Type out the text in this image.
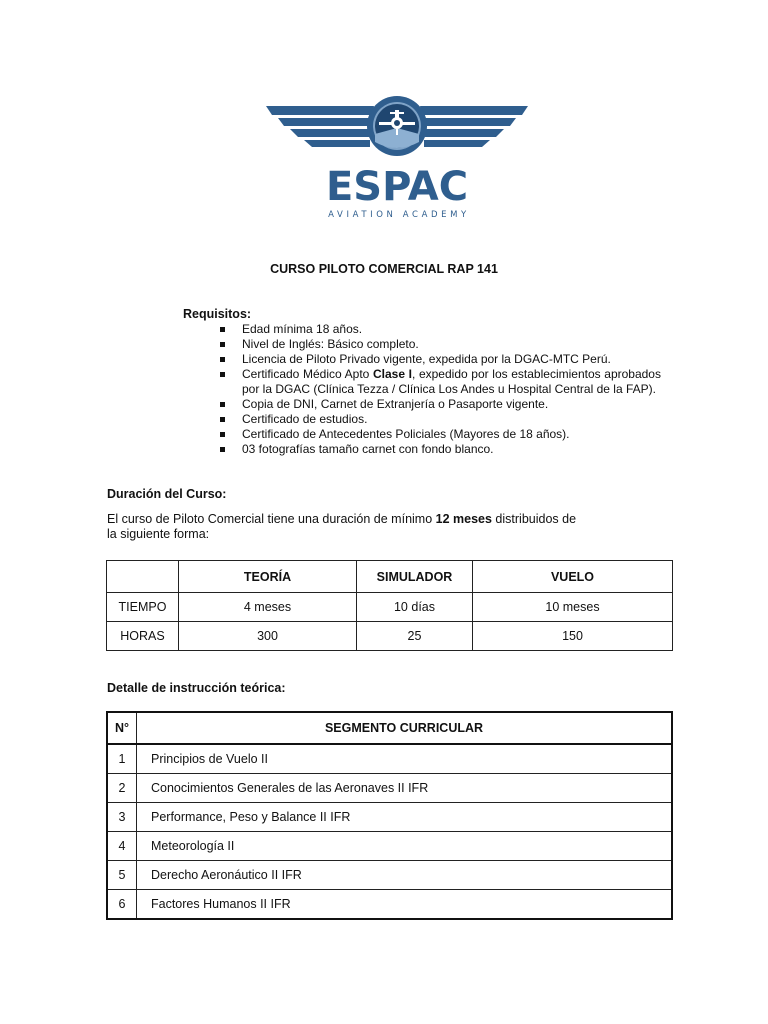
ESPAC
AVIATION ACADEMY
CURSO PILOTO COMERCIAL RAP 141
Requisitos:
Edad mínima 18 años.
Nivel de Inglés: Básico completo.
Licencia de Piloto Privado vigente, expedida por la DGAC-MTC Perú.
Certificado Médico Apto Clase I, expedido por los establecimientos aprobados por la DGAC (Clínica Tezza / Clínica Los Andes u Hospital Central de la FAP).
Copia de DNI, Carnet de Extranjería o Pasaporte vigente.
Certificado de estudios.
Certificado de Antecedentes Policiales (Mayores de 18 años).
03 fotografías tamaño carnet con fondo blanco.
Duración del Curso:
El curso de Piloto Comercial tiene una duración de mínimo 12 meses distribuidos de la siguiente forma:
	TEORÍA	SIMULADOR	VUELO
TIEMPO	4 meses	10 días	10 meses
HORAS	300	25	150
Detalle de instrucción teórica:
N°	SEGMENTO CURRICULAR
1	Principios de Vuelo II
2	Conocimientos Generales de las Aeronaves II IFR
3	Performance, Peso y Balance II IFR
4	Meteorología II
5	Derecho Aeronáutico II IFR
6	Factores Humanos II IFR
